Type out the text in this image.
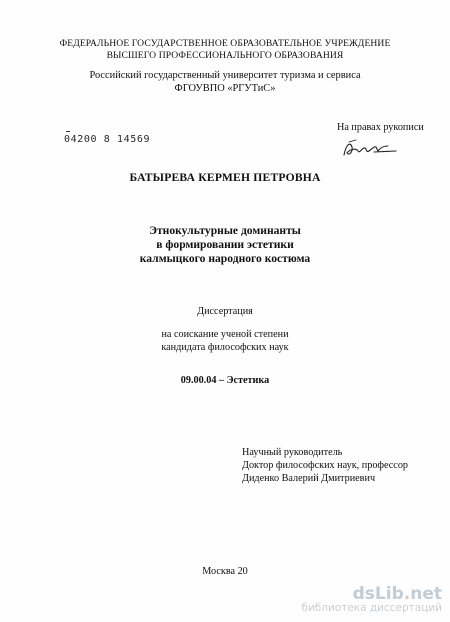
ФЕДЕРАЛЬНОЕ ГОСУДАРСТВЕННОЕ ОБРАЗОВАТЕЛЬНОЕ УЧРЕЖДЕНИЕ
ВЫСШЕГО ПРОФЕССИОНАЛЬНОГО ОБРАЗОВАНИЯ
Российский государственный университет туризма и сервиса
ФГОУВПО «РГУТиС»
04200 8 14569
На правах рукописи
БАТЫРЕВА КЕРМЕН ПЕТРОВНА
Этнокультурные доминанты
в формировании эстетики
калмыцкого народного костюма
Диссертация
на соискание ученой степени
кандидата философских наук
09.00.04 – Эстетика
Научный руководитель
Доктор философских наук, профессор
Диденко Валерий Дмитриевич
Москва 20
dsLib.net
библиотека диссертаций
